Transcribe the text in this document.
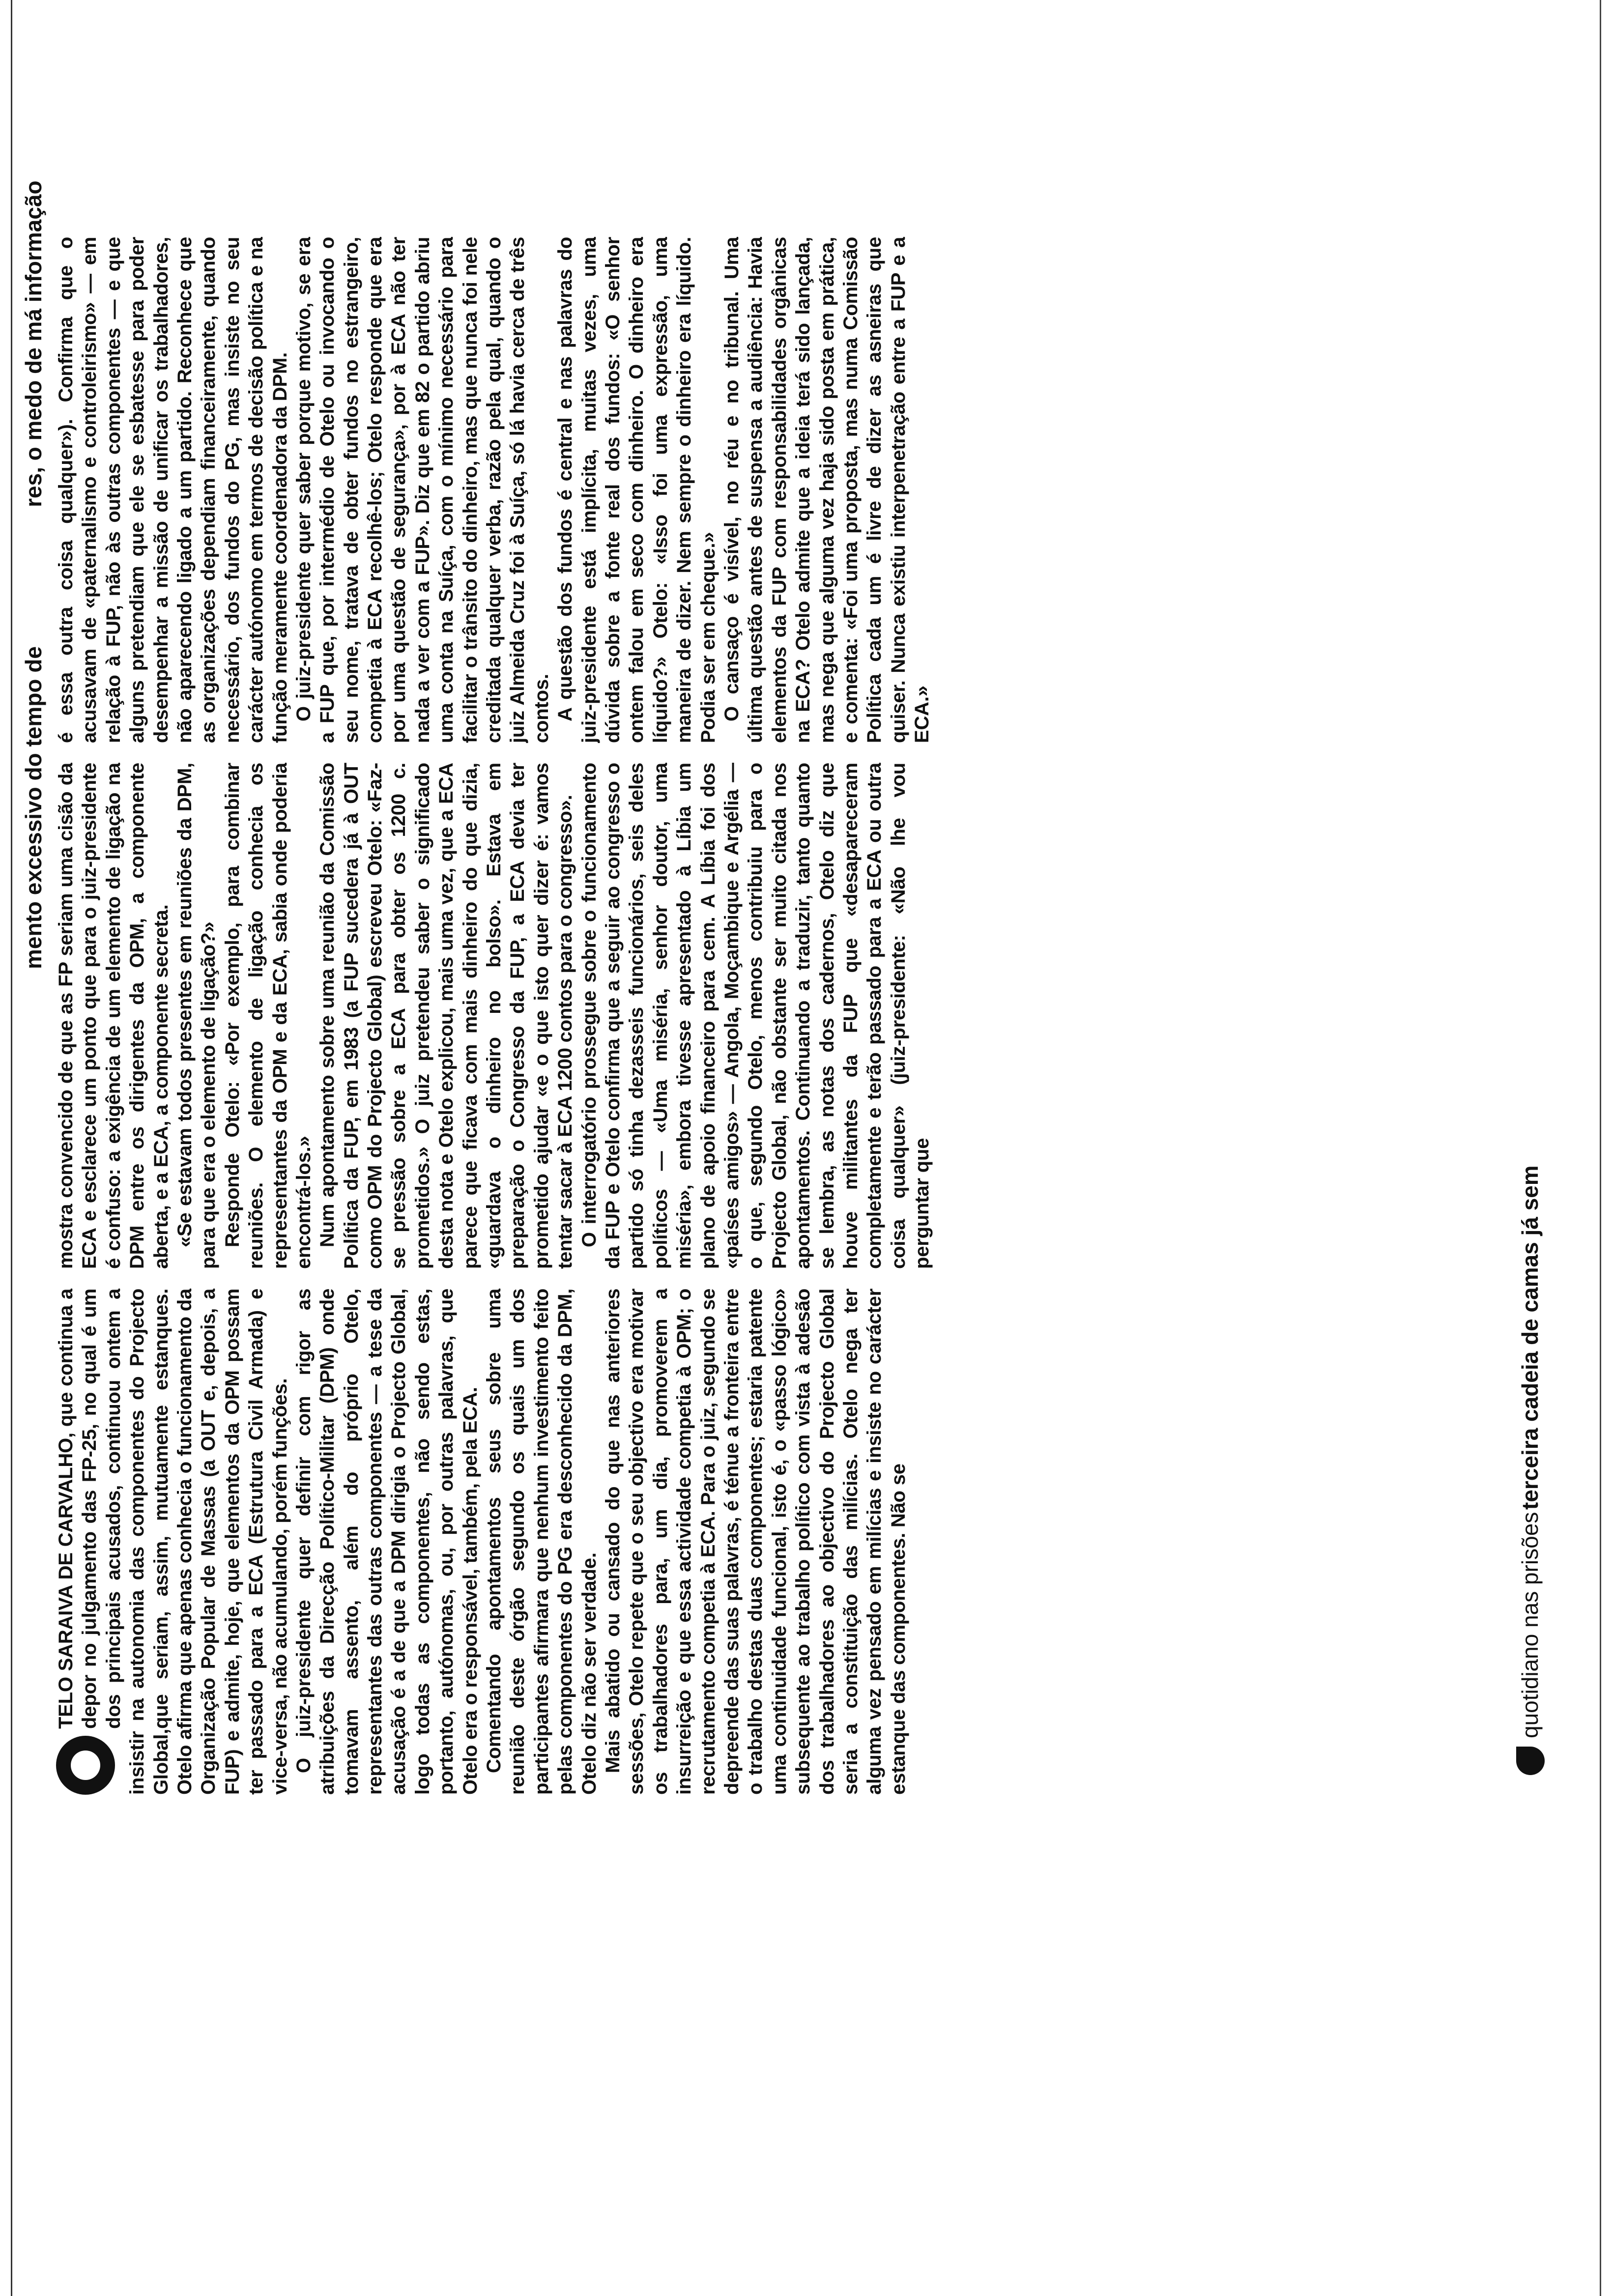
quotidiano nas prisões
terceira cadeia de camas já sem
mento excessivo do tempo de
res, o medo de má informação

TELO SARAIVA DE CARVALHO, que continua a depor no julgamento das FP-25, no qual é um dos principais acusados, continuou ontem a insistir na autonomia das componentes do Projecto Global,que seriam, assim, mutuamente estanques. Otelo afirma que apenas conhecia o funcionamento da Organização Popular de Massas (a OUT e, depois, a FUP) e admite, hoje, que elementos da OPM possam ter passado para a ECA (Estrutura Civil Armada) e vice-versa, não acumulando, porém funções. O juiz-presidente quer definir com rigor as atribuições da Direcção Político-Militar (DPM) onde tomavam assento, além do próprio Otelo, representantes das outras componentes — a tese da acusação é a de que a DPM dirigia o Projecto Global, logo todas as componentes, não sendo estas, portanto, autónomas, ou, por outras palavras, que Otelo era o responsável, também, pela ECA. Comentando apontamentos seus sobre uma reunião deste órgão segundo os quais um dos participantes afirmara que nenhum investimento feito pelas componentes do PG era desconhecido da DPM, Otelo diz não ser verdade. Mais abatido ou cansado do que nas anteriores sessões, Otelo repete que o seu objectivo era motivar os trabalhadores para, um dia, promoverem a insurreição e que essa actividade competia à OPM; o recrutamento competia à ECA. Para o juiz, segundo se depreende das suas palavras, é ténue a fronteira entre o trabalho destas duas componentes; estaria patente uma continuidade funcional, isto é, o «passo lógico» subsequente ao trabalho político com vista à adesão dos trabalhadores ao objectivo do Projecto Global seria a constituição das milícias. Otelo nega ter alguma vez pensado em milícias e insiste no carácter estanque das componentes. Não se

mostra convencido de que as FP seriam uma cisão da ECA e esclarece um ponto que para o juiz-presidente é confuso: a exigência de um elemento de ligação na DPM entre os dirigentes da OPM, a componente aberta, e a ECA, a componente secreta. «Se estavam todos presentes em reuniões da DPM, para que era o elemento de ligação?» Responde Otelo: «Por exemplo, para combinar reuniões. O elemento de ligação conhecia os representantes da OPM e da ECA, sabia onde poderia encontrá-los.» Num apontamento sobre uma reunião da Comissão Política da FUP, em 1983 (a FUP sucedera já à OUT como OPM do Projecto Global) escreveu Otelo: «Faz-se pressão sobre a ECA para obter os 1200 c. prometidos.» O juiz pretendeu saber o significado desta nota e Otelo explicou, mais uma vez, que a ECA parece que ficava com mais dinheiro do que dizia, «guardava o dinheiro no bolso». Estava em preparação o Congresso da FUP, a ECA devia ter prometido ajudar «e o que isto quer dizer é: vamos tentar sacar à ECA 1200 contos para o congresso». O interrogatório prossegue sobre o funcionamento da FUP e Otelo confirma que a seguir ao congresso o partido só tinha dezasseis funcionários, seis deles políticos — «Uma miséria, senhor doutor, uma miséria», embora tivesse apresentado à Líbia um plano de apoio financeiro para cem. A Líbia foi dos «países amigos» — Angola, Moçambique e Argélia — o que, segundo Otelo, menos contribuiu para o Projecto Global, não obstante ser muito citada nos apontamentos. Continuando a traduzir, tanto quanto se lembra, as notas dos cadernos, Otelo diz que houve militantes da FUP que «desapareceram completamente e terão passado para a ECA ou outra coisa qualquer» (juiz-presidente: «Não lhe vou perguntar que

é essa outra coisa qualquer»). Confirma que o acusavam de «paternalismo e controleirismo» — em relação à FUP, não às outras componentes — e que alguns pretendiam que ele se esbatesse para poder desempenhar a missão de unificar os trabalhadores, não aparecendo ligado a um partido. Reconhece que as organizações dependiam financeiramente, quando necessário, dos fundos do PG, mas insiste no seu carácter autónomo em termos de decisão política e na função meramente coordenadora da DPM. O juiz-presidente quer saber porque motivo, se era a FUP que, por intermédio de Otelo ou invocando o seu nome, tratava de obter fundos no estrangeiro, competia à ECA recolhê-los; Otelo responde que era por uma questão de segurança», por à ECA não ter nada a ver com a FUP». Diz que em 82 o partido abriu uma conta na Suíça, com o mínimo necessário para facilitar o trânsito do dinheiro, mas que nunca foi nele creditada qualquer verba, razão pela qual, quando o juiz Almeida Cruz foi à Suíça, só lá havia cerca de três contos. A questão dos fundos é central e nas palavras do juiz-presidente está implícita, muitas vezes, uma dúvida sobre a fonte real dos fundos: «O senhor ontem falou em seco com dinheiro. O dinheiro era líquido?» Otelo: «Isso foi uma expressão, uma maneira de dizer. Nem sempre o dinheiro era líquido. Podia ser em cheque.» O cansaço é visível, no réu e no tribunal. Uma última questão antes de suspensa a audiência: Havia elementos da FUP com responsabilidades orgânicas na ECA? Otelo admite que a ideia terá sido lançada, mas nega que alguma vez haja sido posta em prática, e comenta: «Foi uma proposta, mas numa Comissão Política cada um é livre de dizer as asneiras que quiser. Nunca existiu interpenetração entre a FUP e a ECA.»
